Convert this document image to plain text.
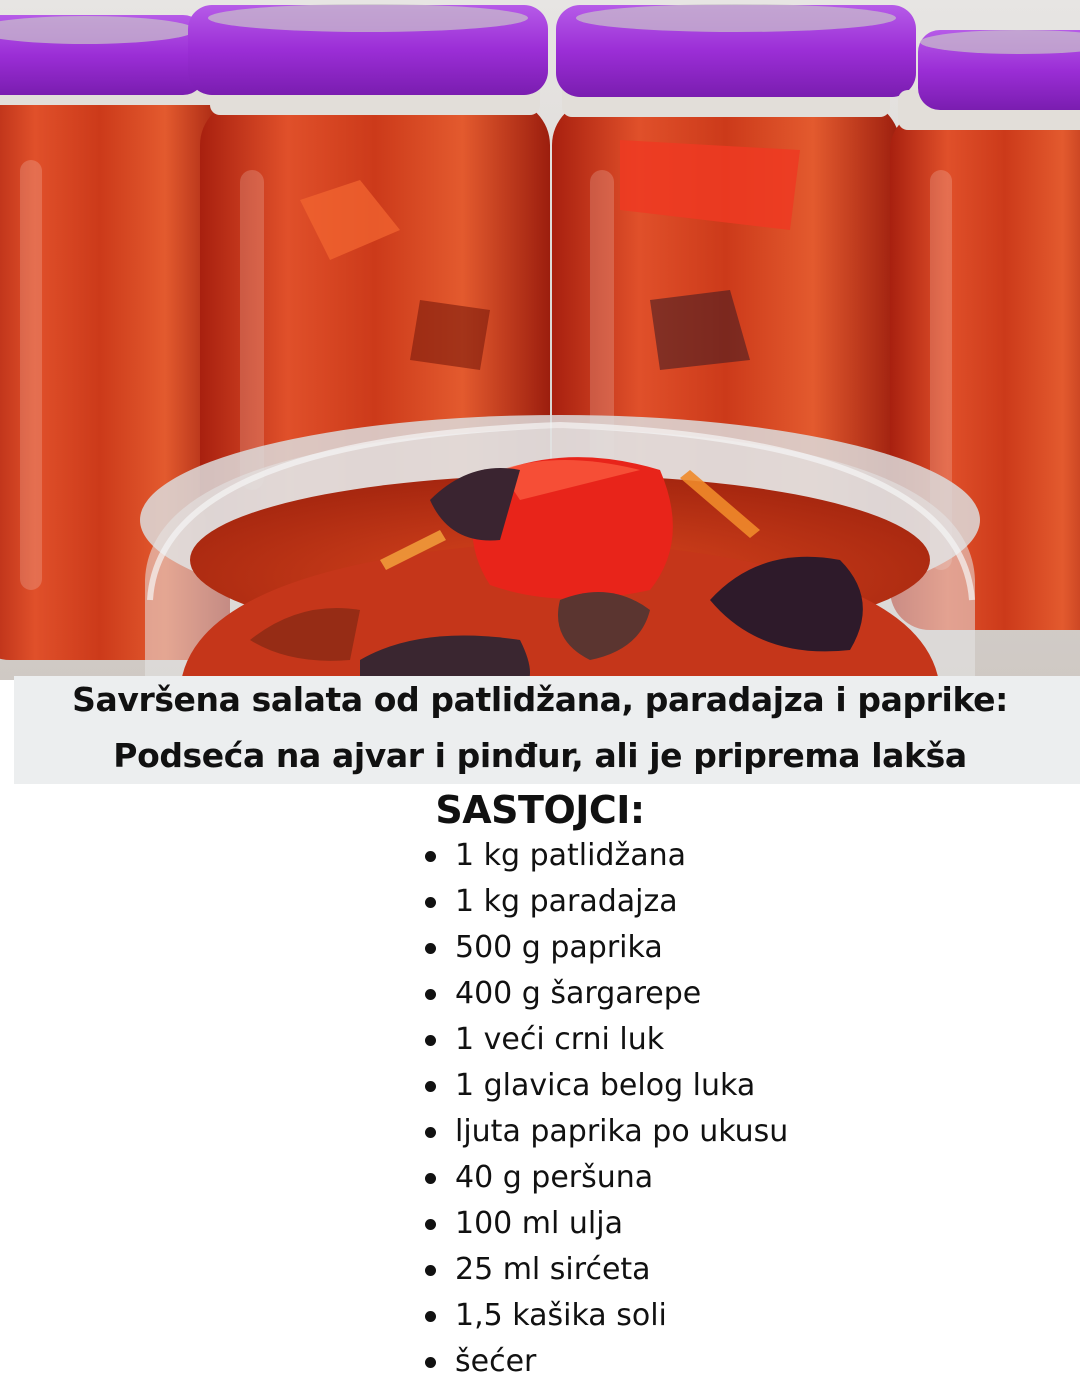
Savršena salata od patlidžana, paradajza i paprike:
Podseća na ajvar i pinđur, ali je priprema lakša
SASTOJCI:
1 kg patlidžana
1 kg paradajza
500 g paprika
400 g šargarepe
1 veći crni luk
1 glavica belog luka
ljuta paprika po ukusu
40 g peršuna
100 ml ulja
25 ml sirćeta
1,5 kašika soli
šećer
